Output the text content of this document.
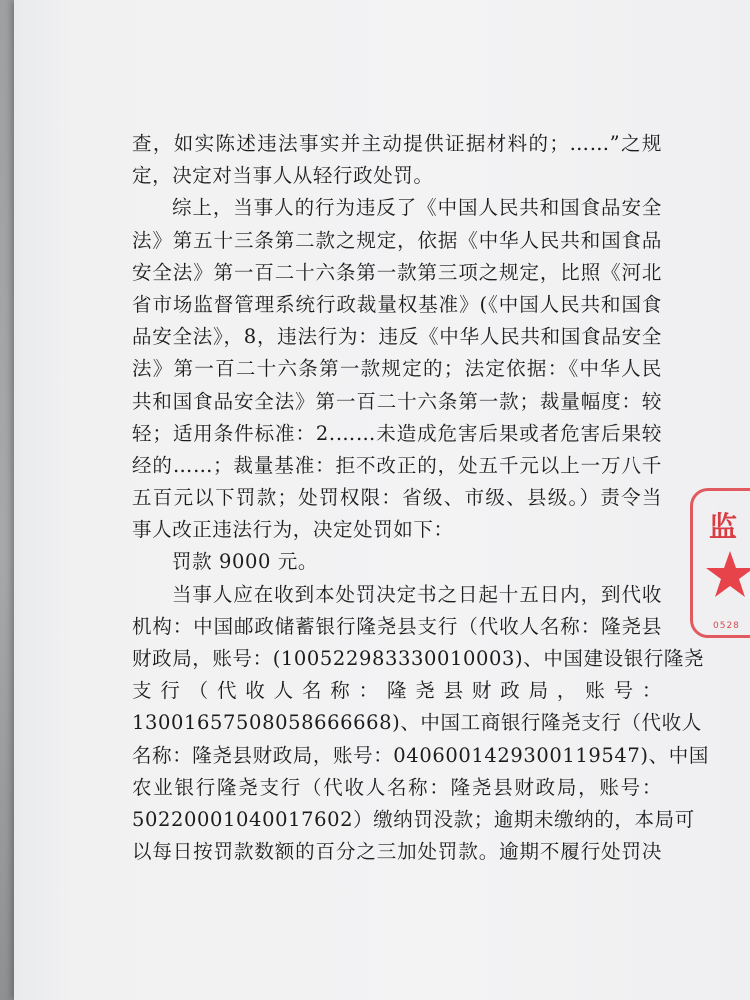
查，如实陈述违法事实并主动提供证据材料的；……”之规
定，决定对当事人从轻行政处罚。
综上，当事人的行为违反了《中国人民共和国食品安全
法》第五十三条第二款之规定，依据《中华人民共和国食品
安全法》第一百二十六条第一款第三项之规定，比照《河北
省市场监督管理系统行政裁量权基准》(《中国人民共和国食
品安全法》，8，违法行为：违反《中华人民共和国食品安全
法》第一百二十六条第一款规定的；法定依据：《中华人民
共和国食品安全法》第一百二十六条第一款；裁量幅度：较
轻；适用条件标准：2.……未造成危害后果或者危害后果较
经的……；裁量基准：拒不改正的，处五千元以上一万八千
五百元以下罚款；处罚权限：省级、市级、县级。）责令当
事人改正违法行为，决定处罚如下：
罚款 9000 元。
当事人应在收到本处罚决定书之日起十五日内，到代收
机构：中国邮政储蓄银行隆尧县支行（代收人名称：隆尧县
财政局，账号：(100522983330010003)、中国建设银行隆尧
支行（代收人名称：隆尧县财政局，账号：
13001657508058666668)、中国工商银行隆尧支行（代收人
名称：隆尧县财政局，账号：0406001429300119547)、中国
农业银行隆尧支行（代收人名称：隆尧县财政局，账号：
50220001040017602）缴纳罚没款；逾期未缴纳的，本局可
以每日按罚款数额的百分之三加处罚款。逾期不履行处罚决
监
0528
